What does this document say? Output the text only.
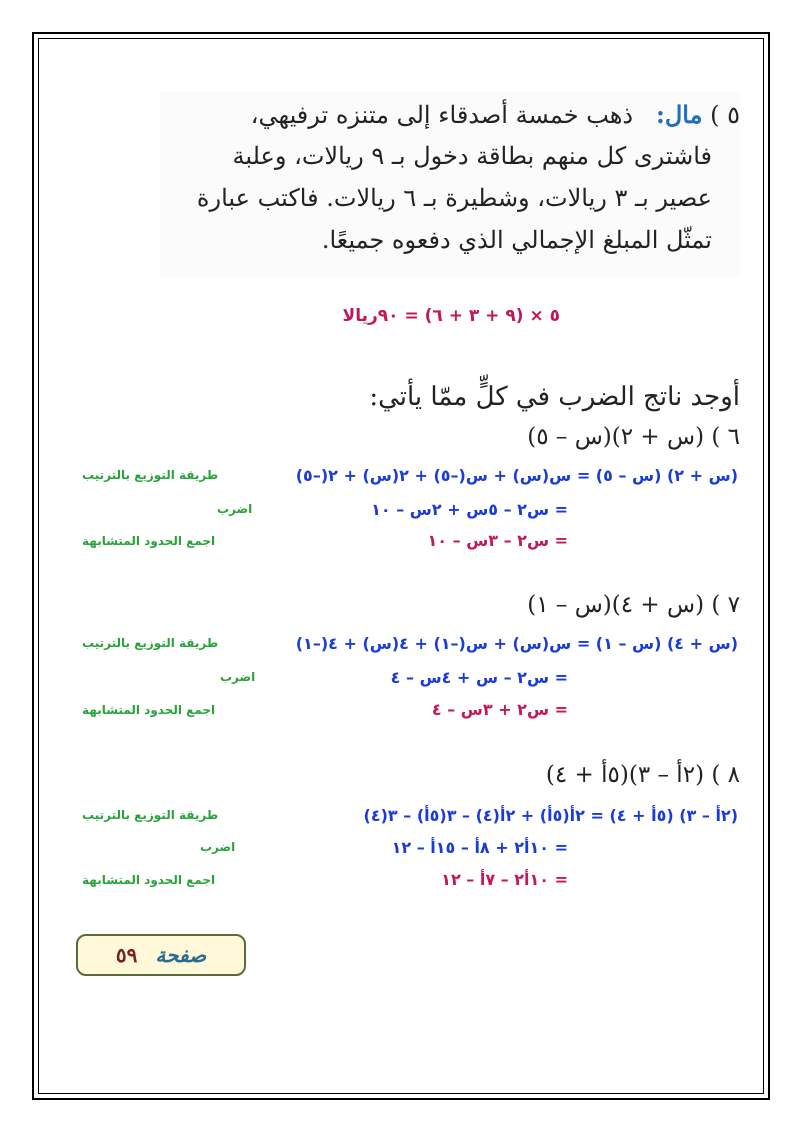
٥ ) مال:   ذهب خمسة أصدقاء إلى متنزه ترفيهي،
فاشترى كل منهم بطاقة دخول بـ ٩ ريالات، وعلبة
عصير بـ ٣ ريالات، وشطيرة بـ ٦ ريالات. فاكتب عبارة
تمثّل المبلغ الإجمالي الذي دفعوه جميعًا.
٥ × (٩ + ٣ + ٦) = ٩٠ريالا
أوجد ناتج الضرب في كلٍّ ممّا يأتي:
٦ ) (س + ٢)(س – ٥)
(س + ٢) (س – ٥) = س(س) + س(–٥) + ٢(س) + ٢(–٥)
طريقة التوزيع بالترتيب
= س٢ – ٥س + ٢س – ١٠
اضرب
= س٢ – ٣س – ١٠
اجمع الحدود المتشابهة
٧ ) (س + ٤)(س – ١)
(س + ٤) (س – ١) = س(س) + س(–١) + ٤(س) + ٤(–١)
طريقة التوزيع بالترتيب
= س٢ – س + ٤س – ٤
اضرب
= س٢ + ٣س – ٤
اجمع الحدود المتشابهة
٨ ) (٢أ – ٣)(٥أ + ٤)
(٢أ – ٣) (٥أ + ٤) = ٢أ(٥أ) + ٢أ(٤) – ٣(٥أ) – ٣(٤)
طريقة التوزيع بالترتيب
= ١٠أ٢ + ٨أ – ١٥أ – ١٢
اضرب
= ١٠أ٢ – ٧أ – ١٢
اجمع الحدود المتشابهة
صفحة
٥٩
